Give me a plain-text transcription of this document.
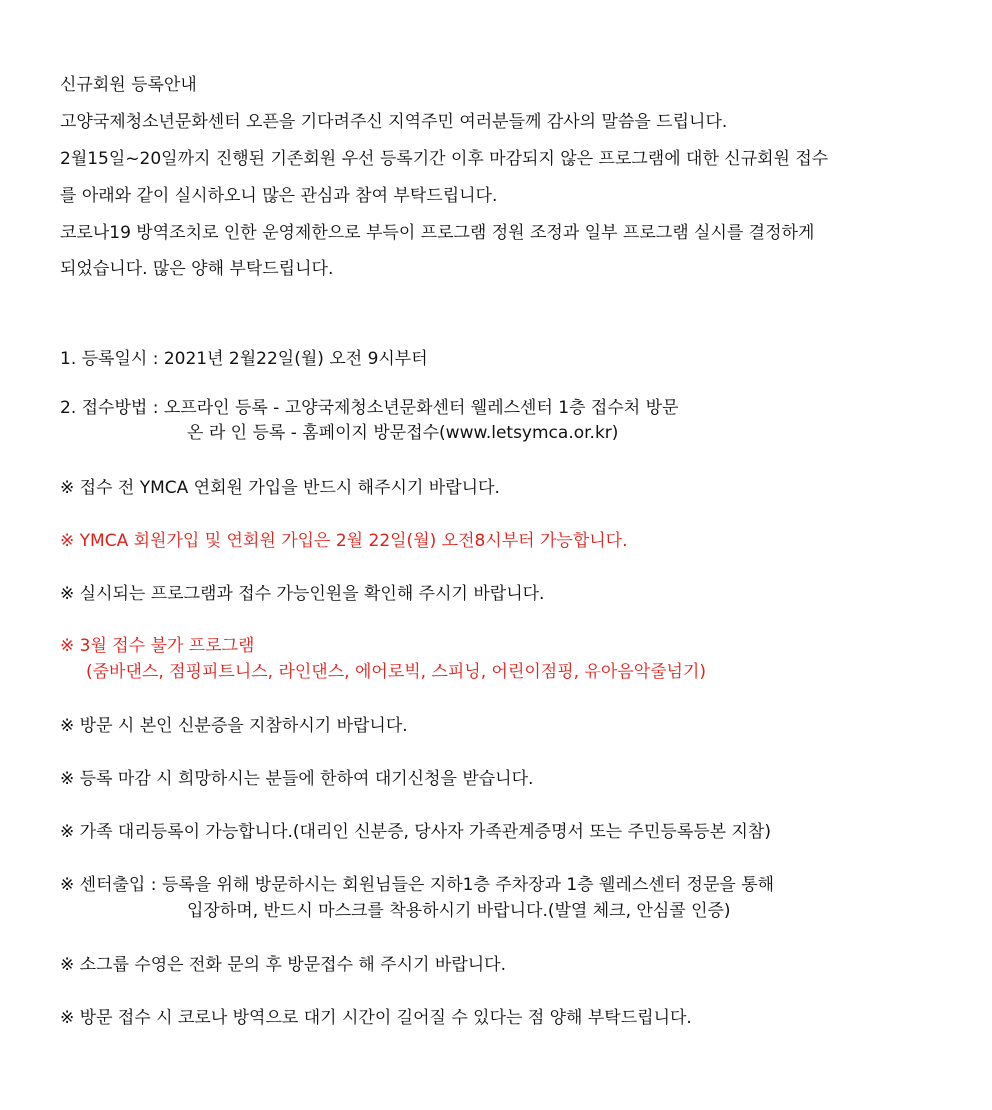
신규회원 등록안내
고양국제청소년문화센터 오픈을 기다려주신 지역주민 여러분들께 감사의 말씀을 드립니다.
2월15일~20일까지 진행된 기존회원 우선 등록기간 이후 마감되지 않은 프로그램에 대한 신규회원 접수
를 아래와 같이 실시하오니 많은 관심과 참여 부탁드립니다.
코로나19 방역조치로 인한 운영제한으로 부득이 프로그램 정원 조정과 일부 프로그램 실시를 결정하게
되었습니다. 많은 양해 부탁드립니다.
1. 등록일시 : 2021년 2월22일(월) 오전 9시부터
2. 접수방법 : 오프라인 등록 - 고양국제청소년문화센터 웰레스센터 1층 접수처 방문
온 라 인 등록 - 홈페이지 방문접수(www.letsymca.or.kr)
※ 접수 전 YMCA 연회원 가입을 반드시 해주시기 바랍니다.
※ YMCA 회원가입 및 연회원 가입은 2월 22일(월) 오전8시부터 가능합니다.
※ 실시되는 프로그램과 접수 가능인원을 확인해 주시기 바랍니다.
※ 3월 접수 불가 프로그램
(줌바댄스, 점핑피트니스, 라인댄스, 에어로빅, 스피닝, 어린이점핑, 유아음악줄넘기)
※ 방문 시 본인 신분증을 지참하시기 바랍니다.
※ 등록 마감 시 희망하시는 분들에 한하여 대기신청을 받습니다.
※ 가족 대리등록이 가능합니다.(대리인 신분증, 당사자 가족관계증명서 또는 주민등록등본 지참)
※ 센터출입 : 등록을 위해 방문하시는 회원님들은 지하1층 주차장과 1층 웰레스센터 정문을 통해
입장하며, 반드시 마스크를 착용하시기 바랍니다.(발열 체크, 안심콜 인증)
※ 소그룹 수영은 전화 문의 후 방문접수 해 주시기 바랍니다.
※ 방문 접수 시 코로나 방역으로 대기 시간이 길어질 수 있다는 점 양해 부탁드립니다.
